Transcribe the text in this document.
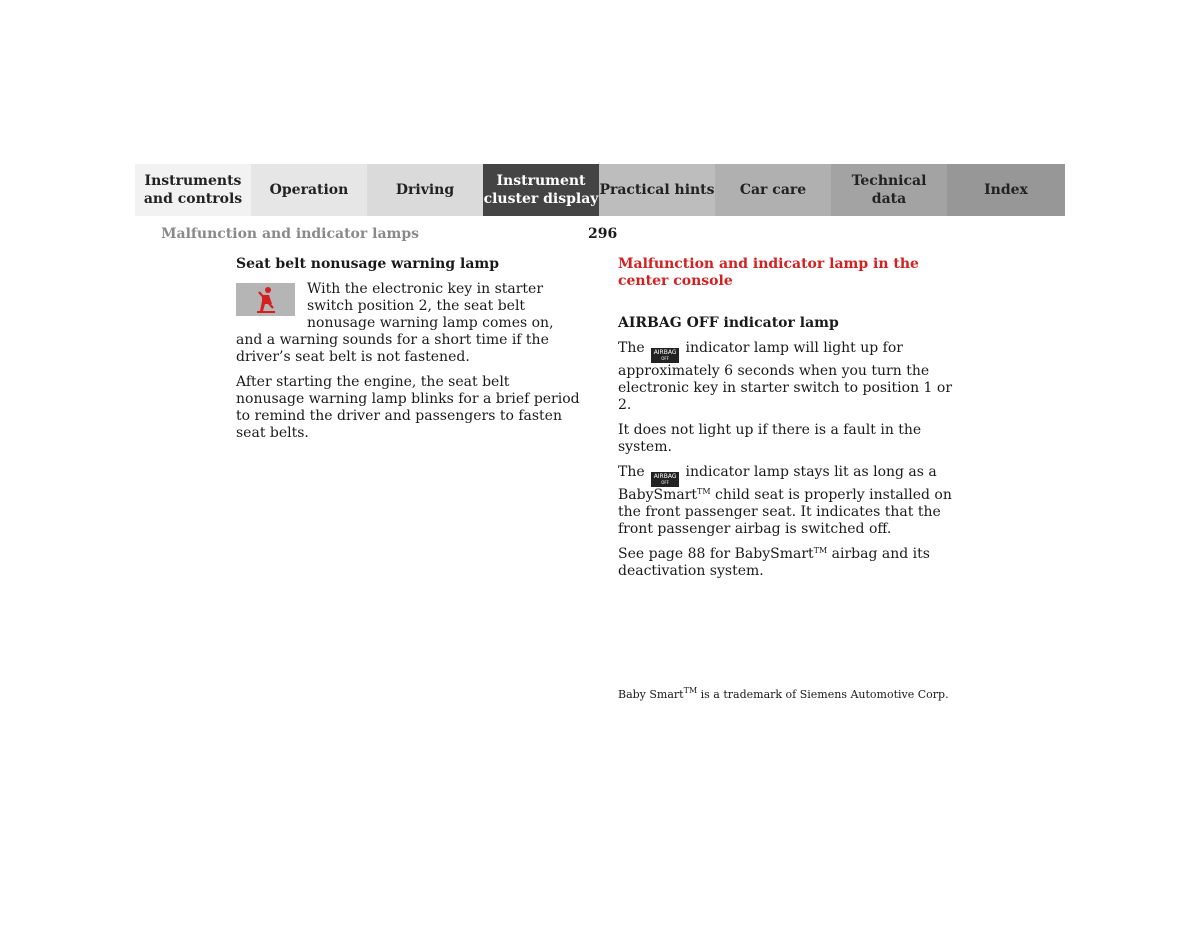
Instruments
and controls
Operation	Driving
Instrument
cluster display
Practical hints	Car care
Technical
data
Index
Malfunction and indicator lamps	296
Seat belt nonusage warning lamp

With the electronic key in starter switch position 2, the seat belt nonusage warning lamp comes on, and a warning sounds for a short time if the driver’s seat belt is not fastened.

After starting the engine, the seat belt nonusage warning lamp blinks for a brief period to remind the driver and passengers to fasten seat belts.

Malfunction and indicator lamp in the center console
AIRBAG OFF indicator lamp

The AIRBAG
OFF
indicator lamp will light up for approximately 6 seconds when you turn the electronic key in starter switch to position 1 or 2.

It does not light up if there is a fault in the system.

The AIRBAG
OFF
indicator lamp stays lit as long as a BabySmart™ child seat is properly installed on the front passenger seat. It indicates that the front passenger airbag is switched off.

See page 88 for BabySmart™ airbag and its deactivation system.

Baby Smart™ is a trademark of Siemens Automotive Corp.
